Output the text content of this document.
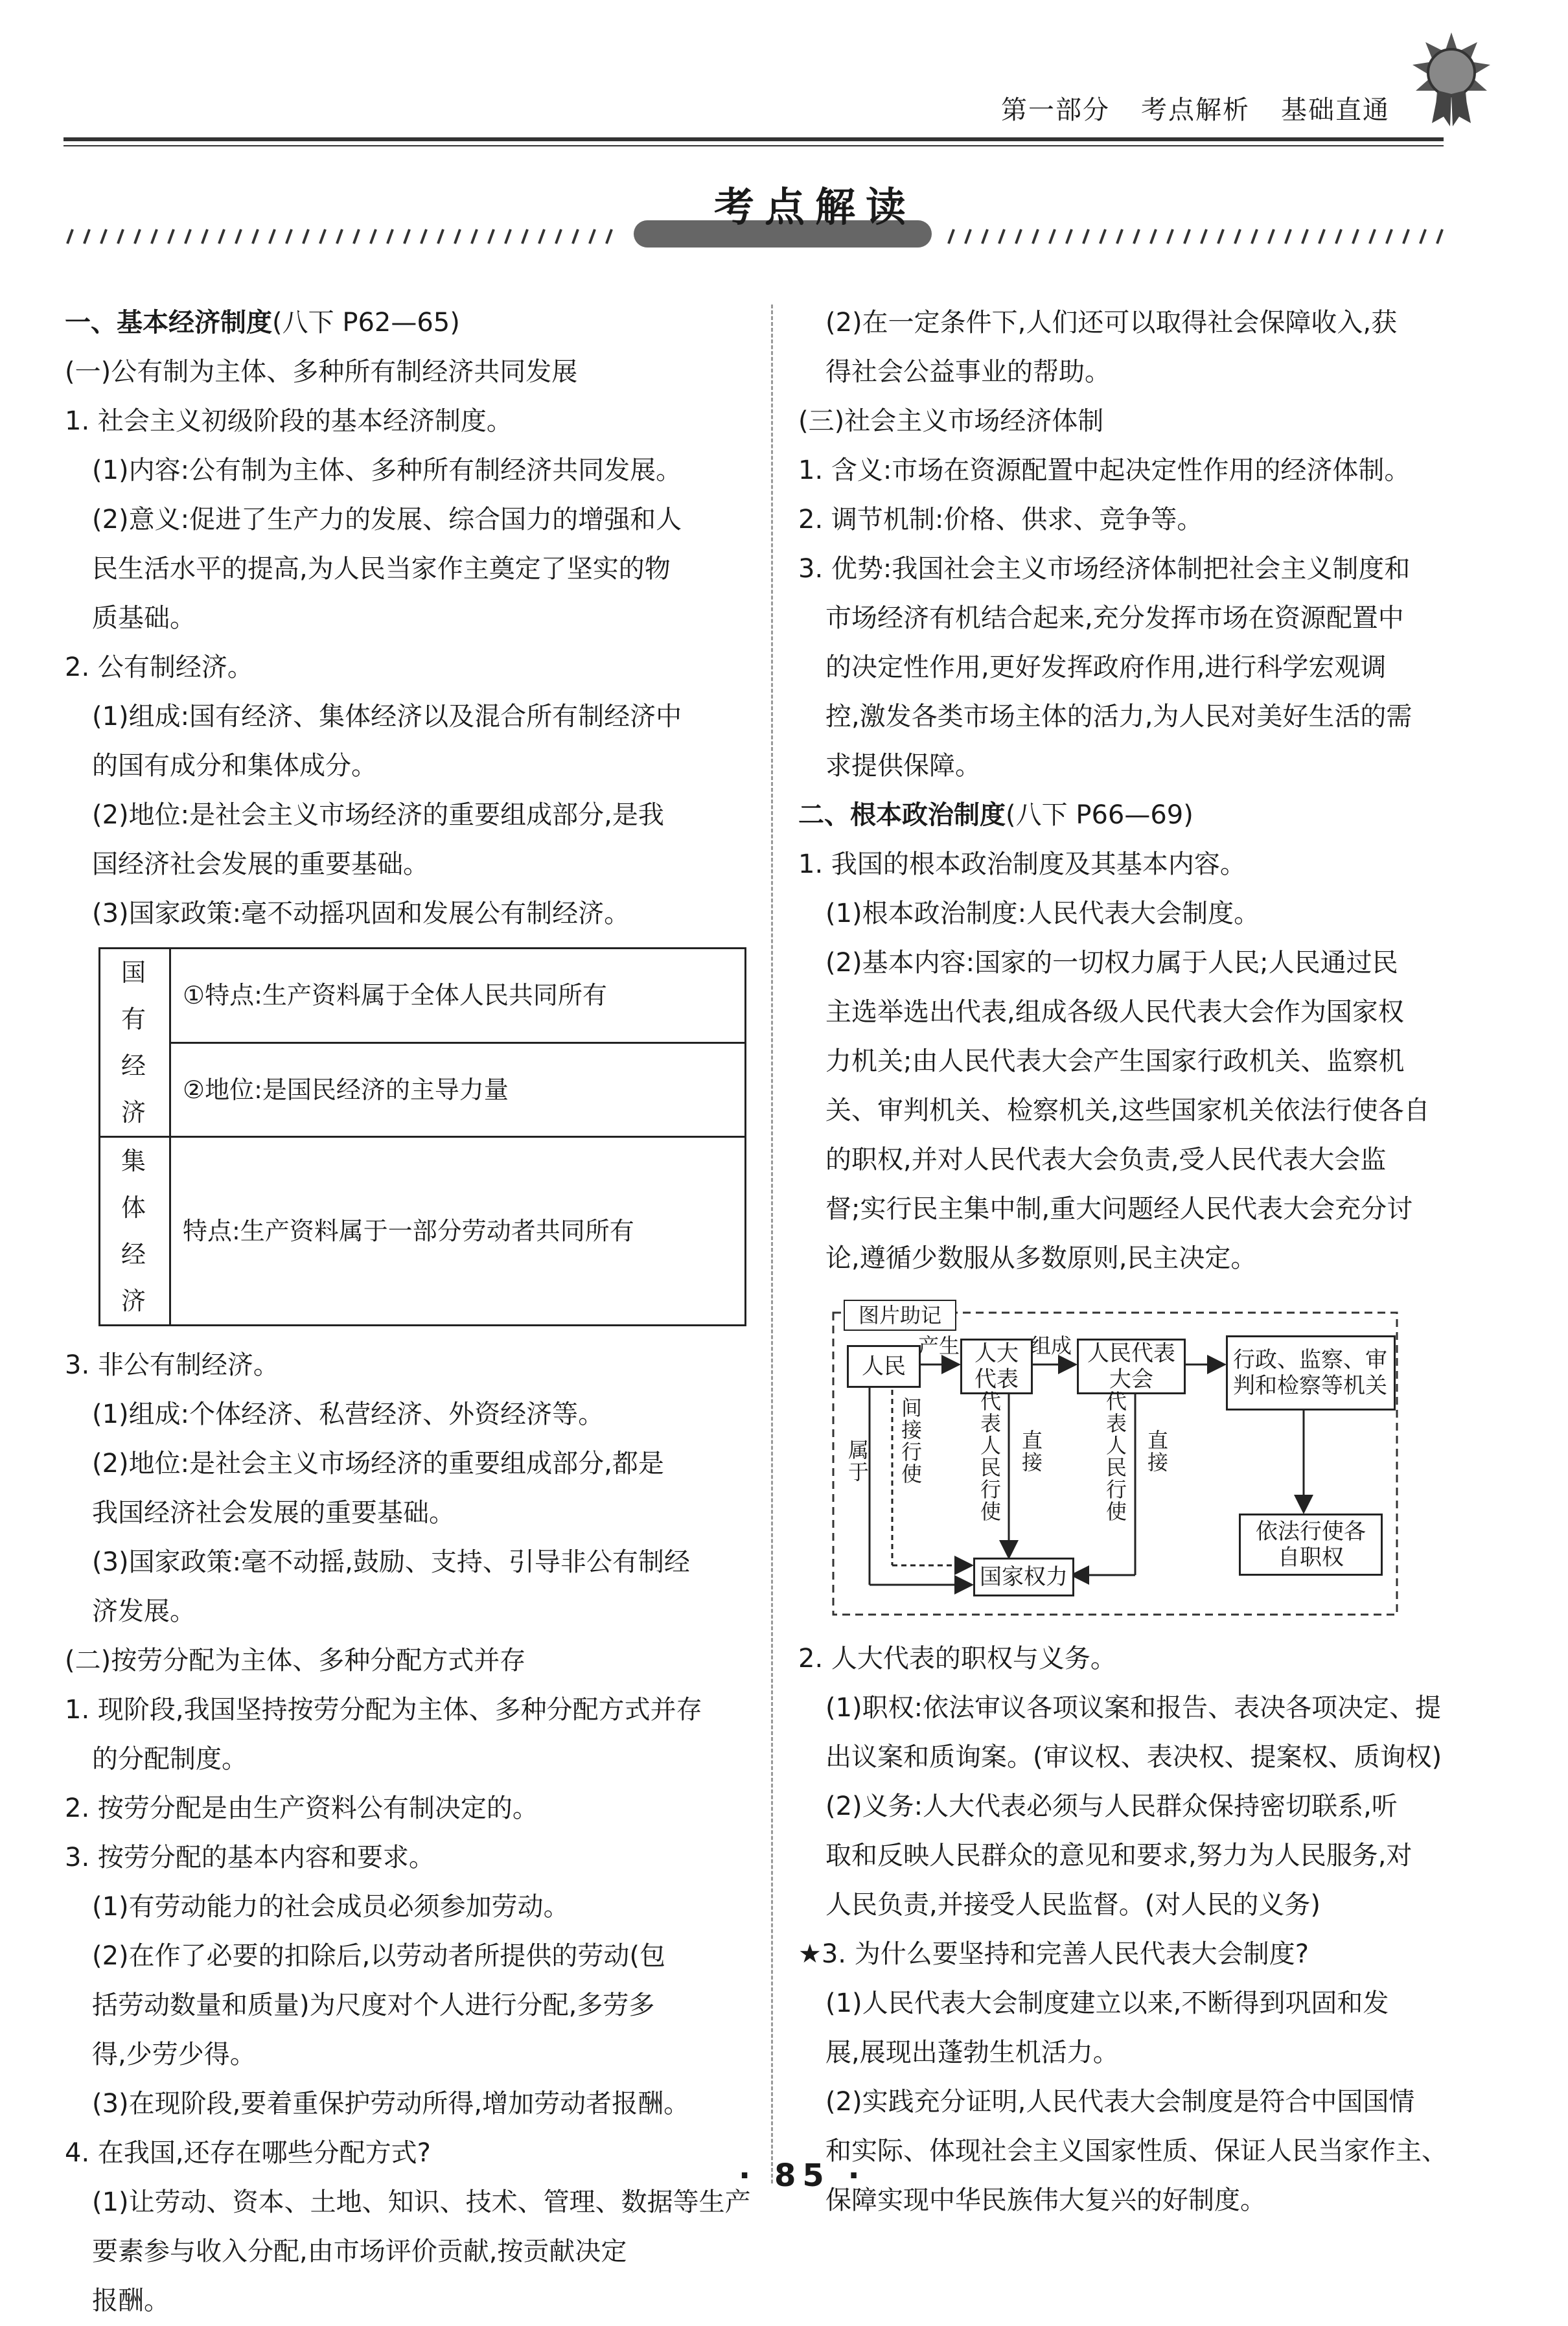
第一部分 考点解析 基础直通
考点解读
一、基本经济制度(八下 P62—65)
(一)公有制为主体、多种所有制经济共同发展
1. 社会主义初级阶段的基本经济制度。
(1)内容:公有制为主体、多种所有制经济共同发展。
(2)意义:促进了生产力的发展、综合国力的增强和人
民生活水平的提高,为人民当家作主奠定了坚实的物
质基础。
2. 公有制经济。
(1)组成:国有经济、集体经济以及混合所有制经济中
的国有成分和集体成分。
(2)地位:是社会主义市场经济的重要组成部分,是我
国经济社会发展的重要基础。
(3)国家政策:毫不动摇巩固和发展公有制经济。
国有经济	①特点:生产资料属于全体人民共同所有
	②地位:是国民经济的主导力量
集体经济	特点:生产资料属于一部分劳动者共同所有
3. 非公有制经济。
(1)组成:个体经济、私营经济、外资经济等。
(2)地位:是社会主义市场经济的重要组成部分,都是
我国经济社会发展的重要基础。
(3)国家政策:毫不动摇,鼓励、支持、引导非公有制经
济发展。
(二)按劳分配为主体、多种分配方式并存
1. 现阶段,我国坚持按劳分配为主体、多种分配方式并存
的分配制度。
2. 按劳分配是由生产资料公有制决定的。
3. 按劳分配的基本内容和要求。
(1)有劳动能力的社会成员必须参加劳动。
(2)在作了必要的扣除后,以劳动者所提供的劳动(包
括劳动数量和质量)为尺度对个人进行分配,多劳多
得,少劳少得。
(3)在现阶段,要着重保护劳动所得,增加劳动者报酬。
4. 在我国,还存在哪些分配方式?
(1)让劳动、资本、土地、知识、技术、管理、数据等生产
要素参与收入分配,由市场评价贡献,按贡献决定
报酬。
(2)在一定条件下,人们还可以取得社会保障收入,获
得社会公益事业的帮助。
(三)社会主义市场经济体制
1. 含义:市场在资源配置中起决定性作用的经济体制。
2. 调节机制:价格、供求、竞争等。
3. 优势:我国社会主义市场经济体制把社会主义制度和
市场经济有机结合起来,充分发挥市场在资源配置中
的决定性作用,更好发挥政府作用,进行科学宏观调
控,激发各类市场主体的活力,为人民对美好生活的需
求提供保障。
二、根本政治制度(八下 P66—69)
1. 我国的根本政治制度及其基本内容。
(1)根本政治制度:人民代表大会制度。
(2)基本内容:国家的一切权力属于人民;人民通过民
主选举选出代表,组成各级人民代表大会作为国家权
力机关;由人民代表大会产生国家行政机关、监察机
关、审判机关、检察机关,这些国家机关依法行使各自
的职权,并对人民代表大会负责,受人民代表大会监
督;实行民主集中制,重大问题经人民代表大会充分讨
论,遵循少数服从多数原则,民主决定。
图片助记
人民	人大代表
人民代表大会
行政、监察、审判和检察等机关
依法行使各自职权
国家权力
产生	组成
属于 间接行使	代表人民行使 直接	代表人民行使 直接
2. 人大代表的职权与义务。
(1)职权:依法审议各项议案和报告、表决各项决定、提
出议案和质询案。(审议权、表决权、提案权、质询权)
(2)义务:人大代表必须与人民群众保持密切联系,听
取和反映人民群众的意见和要求,努力为人民服务,对
人民负责,并接受人民监督。(对人民的义务)
★3. 为什么要坚持和完善人民代表大会制度?
(1)人民代表大会制度建立以来,不断得到巩固和发
展,展现出蓬勃生机活力。
(2)实践充分证明,人民代表大会制度是符合中国国情
和实际、体现社会主义国家性质、保证人民当家作主、
保障实现中华民族伟大复兴的好制度。
· 85 ·
